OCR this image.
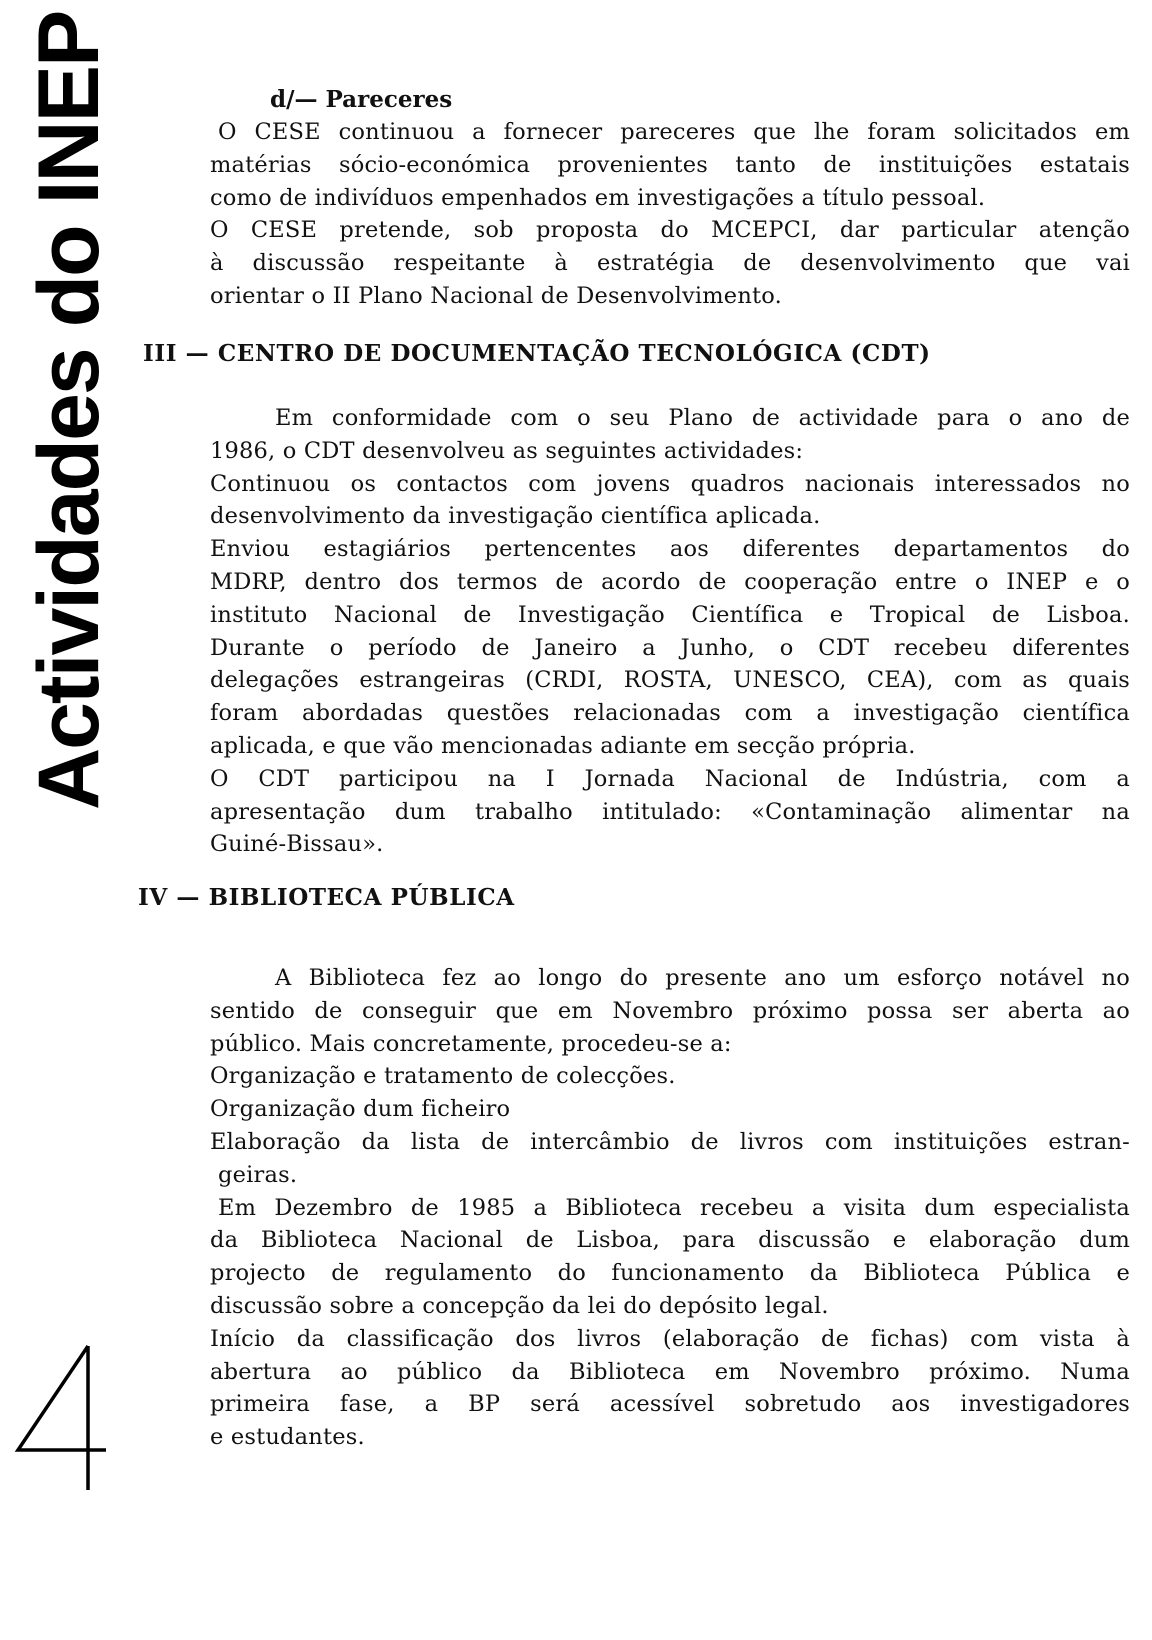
Actividades do INEP	d/— Pareceres
O CESE continuou a fornecer pareceres que lhe foram solicitados em
matérias sócio-económica provenientes tanto de instituições estatais
como de indivíduos empenhados em investigações a título pessoal.
O CESE pretende, sob proposta do MCEPCI, dar particular atenção
à discussão respeitante à estratégia de desenvolvimento que vai
orientar o II Plano Nacional de Desenvolvimento.
III — CENTRO DE DOCUMENTAÇÃO TECNOLÓGICA (CDT)
Em conformidade com o seu Plano de actividade para o ano de
1986, o CDT desenvolveu as seguintes actividades:
Continuou os contactos com jovens quadros nacionais interessados no
desenvolvimento da investigação científica aplicada.
Enviou estagiários pertencentes aos diferentes departamentos do
MDRP, dentro dos termos de acordo de cooperação entre o INEP e o
instituto Nacional de Investigação Científica e Tropical de Lisboa.
Durante o período de Janeiro a Junho, o CDT recebeu diferentes
delegações estrangeiras (CRDI, ROSTA, UNESCO, CEA), com as quais
foram abordadas questões relacionadas com a investigação científica
aplicada, e que vão mencionadas adiante em secção própria.
O CDT participou na I Jornada Nacional de Indústria, com a
apresentação dum trabalho intitulado: «Contaminação alimentar na
Guiné-Bissau».
IV — BIBLIOTECA PÚBLICA
A Biblioteca fez ao longo do presente ano um esforço notável no
sentido de conseguir que em Novembro próximo possa ser aberta ao
público. Mais concretamente, procedeu-se a:
Organização e tratamento de colecções.
Organização dum ficheiro
Elaboração da lista de intercâmbio de livros com instituições estran-
geiras.
Em Dezembro de 1985 a Biblioteca recebeu a visita dum especialista
da Biblioteca Nacional de Lisboa, para discussão e elaboração dum
projecto de regulamento do funcionamento da Biblioteca Pública e
discussão sobre a concepção da lei do depósito legal.
Início da classificação dos livros (elaboração de fichas) com vista à
abertura ao público da Biblioteca em Novembro próximo. Numa
primeira fase, a BP será acessível sobretudo aos investigadores
e estudantes.
